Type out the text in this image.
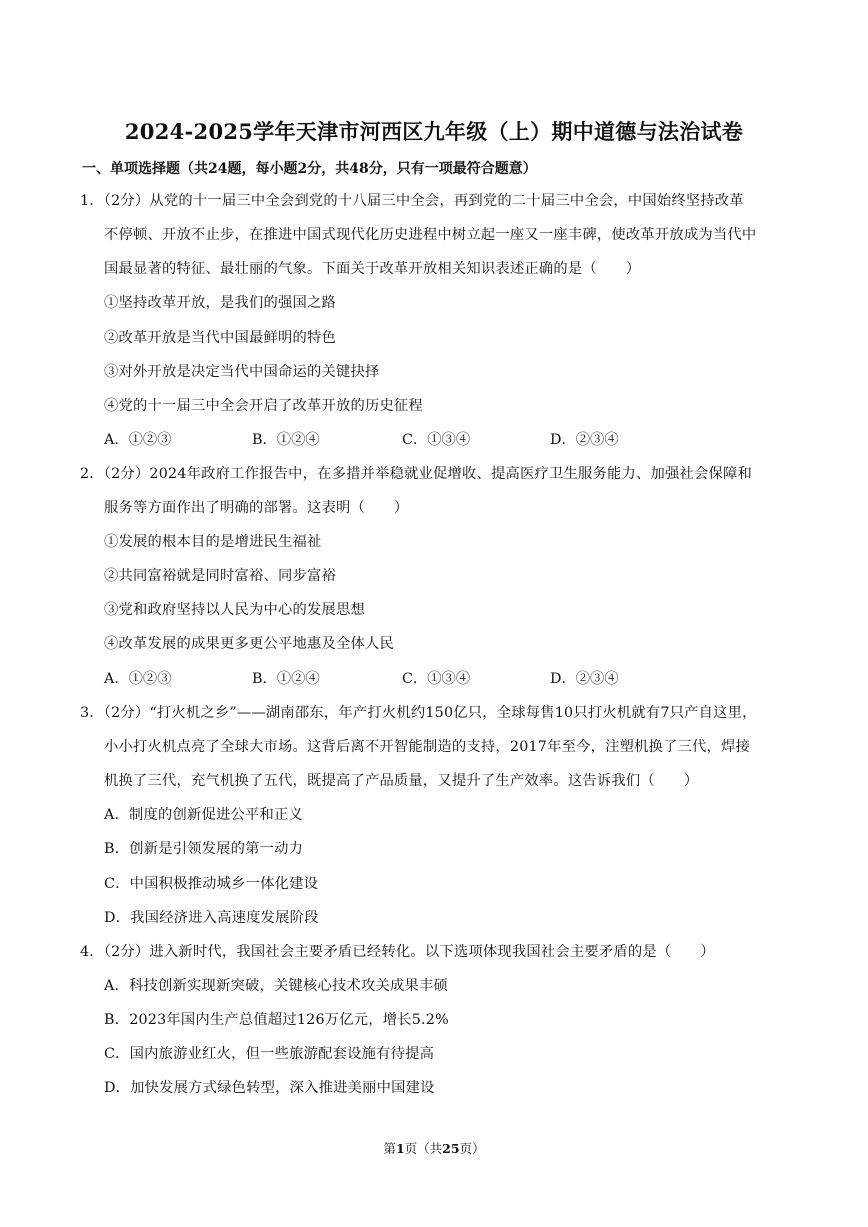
2024-2025学年天津市河西区九年级（上）期中道德与法治试卷
一、单项选择题（共24题，每小题2分，共48分，只有一项最符合题意）
1．（2分）从党的十一届三中全会到党的十八届三中全会，再到党的二十届三中全会，中国始终坚持改革
不停顿、开放不止步，在推进中国式现代化历史进程中树立起一座又一座丰碑，使改革开放成为当代中
国最显著的特征、最壮丽的气象。下面关于改革开放相关知识表述正确的是（　　）
①坚持改革开放，是我们的强国之路
②改革开放是当代中国最鲜明的特色
③对外开放是决定当代中国命运的关键抉择
④党的十一届三中全会开启了改革开放的历史征程
A．①②③	B．①②④	C．①③④	D．②③④
2．（2分）2024年政府工作报告中，在多措并举稳就业促增收、提高医疗卫生服务能力、加强社会保障和
服务等方面作出了明确的部署。这表明（　　）
①发展的根本目的是增进民生福祉
②共同富裕就是同时富裕、同步富裕
③党和政府坚持以人民为中心的发展思想
④改革发展的成果更多更公平地惠及全体人民
A．①②③	B．①②④	C．①③④	D．②③④
3．（2分）“打火机之乡”——湖南邵东，年产打火机约150亿只，全球每售10只打火机就有7只产自这里，
小小打火机点亮了全球大市场。这背后离不开智能制造的支持，2017年至今，注塑机换了三代，焊接
机换了三代，充气机换了五代，既提高了产品质量，又提升了生产效率。这告诉我们（　　）
A．制度的创新促进公平和正义
B．创新是引领发展的第一动力
C．中国积极推动城乡一体化建设
D．我国经济进入高速度发展阶段
4．（2分）进入新时代，我国社会主要矛盾已经转化。以下选项体现我国社会主要矛盾的是（　　）
A．科技创新实现新突破，关键核心技术攻关成果丰硕
B．2023年国内生产总值超过126万亿元，增长5.2%
C．国内旅游业红火，但一些旅游配套设施有待提高
D．加快发展方式绿色转型，深入推进美丽中国建设
第1页（共25页）
